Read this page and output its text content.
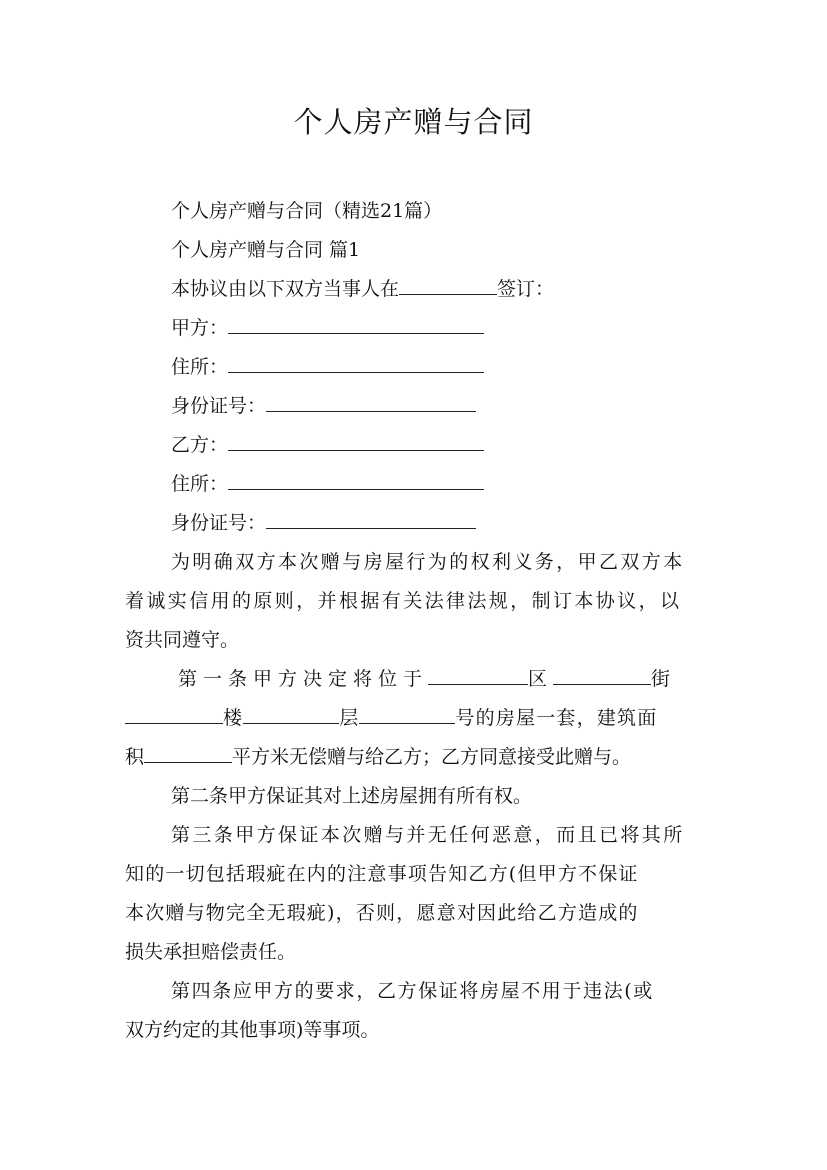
个人房产赠与合同
个人房产赠与合同（精选21篇）
个人房产赠与合同 篇1
本协议由以下双方当事人在	签订：
甲方：
住所：
身份证号：
乙方：
住所：
身份证号：
为明确双方本次赠与房屋行为的权利义务，甲乙双方本
着诚实信用的原则，并根据有关法律法规，制订本协议，以
资共同遵守。
第一条甲方决定将位于	区	街
楼	层	号的房屋一套，建筑面
积	平方米无偿赠与给乙方；乙方同意接受此赠与。
第二条甲方保证其对上述房屋拥有所有权。
第三条甲方保证本次赠与并无任何恶意，而且已将其所
知的一切包括瑕疵在内的注意事项告知乙方(但甲方不保证
本次赠与物完全无瑕疵)，否则，愿意对因此给乙方造成的
损失承担赔偿责任。
第四条应甲方的要求，乙方保证将房屋不用于违法(或
双方约定的其他事项)等事项。
